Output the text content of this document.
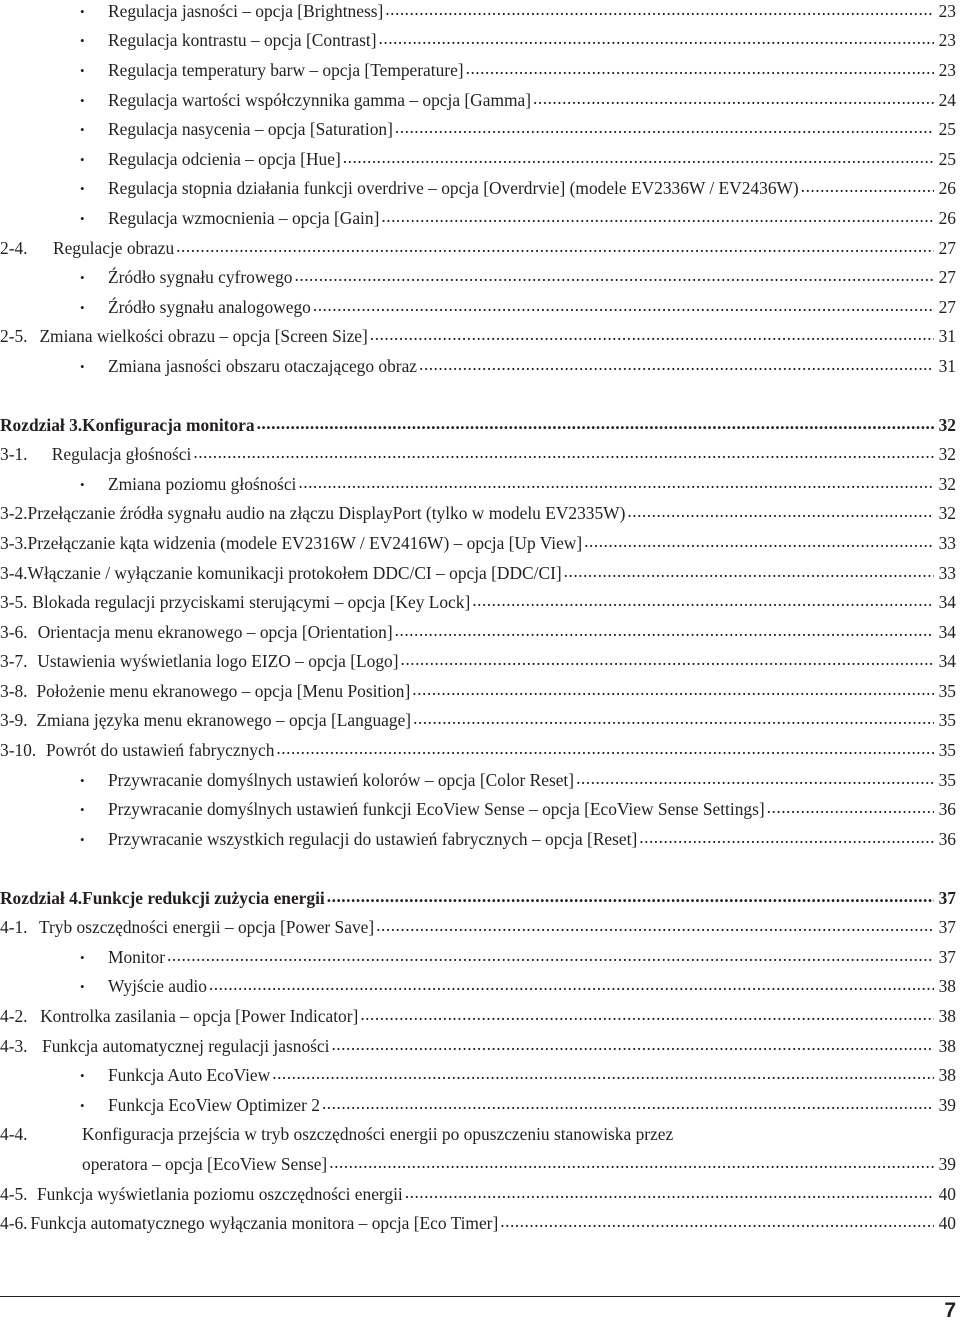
•	Regulacja jasności – opcja [Brightness] .....	23
•	Regulacja kontrastu – opcja [Contrast] .....	23
•	Regulacja temperatury barw – opcja [Temperature] .....	23
•	Regulacja wartości współczynnika gamma – opcja [Gamma] .....	24
•	Regulacja nasycenia – opcja [Saturation] .....	25
•	Regulacja odcienia – opcja [Hue] .....	25
•	Regulacja stopnia działania funkcji overdrive – opcja [Overdrvie] (modele EV2336W / EV2436W) .....	26
•	Regulacja wzmocnienia – opcja [Gain] .....	26
2-4.	Regulacje obrazu .....	27
•	Źródło sygnału cyfrowego .....	27
•	Źródło sygnału analogowego .....	27
2-5. Zmiana wielkości obrazu – opcja [Screen Size] .....	31
•	Zmiana jasności obszaru otaczającego obraz .....	31
Rozdział 3. Konfiguracja monitora .....	32
3-1.	Regulacja głośności .....	32
•	Zmiana poziomu głośności .....	32
3-2. Przełączanie źródła sygnału audio na złączu DisplayPort (tylko w modelu EV2335W) .....	32
3-3. Przełączanie kąta widzenia (modele EV2316W / EV2416W) – opcja [Up View] .....	33
3-4. Włączanie / wyłączanie komunikacji protokołem DDC/CI – opcja [DDC/CI] .....	33
3-5. Blokada regulacji przyciskami sterującymi – opcja [Key Lock] .....	34
3-6. Orientacja menu ekranowego – opcja [Orientation] .....	34
3-7. Ustawienia wyświetlania logo EIZO – opcja [Logo] .....	34
3-8. Położenie menu ekranowego – opcja [Menu Position] .....	35
3-9. Zmiana języka menu ekranowego – opcja [Language] .....	35
3-10. Powrót do ustawień fabrycznych .....	35
•	Przywracanie domyślnych ustawień kolorów – opcja [Color Reset] .....	35
•	Przywracanie domyślnych ustawień funkcji EcoView Sense – opcja [EcoView Sense Settings] .....	36
•	Przywracanie wszystkich regulacji do ustawień fabrycznych – opcja [Reset] .....	36
Rozdział 4. Funkcje redukcji zużycia energii .....	37
4-1. Tryb oszczędności energii – opcja [Power Save] .....	37
•	Monitor .....	37
•	Wyjście audio .....	38
4-2. Kontrolka zasilania – opcja [Power Indicator] .....	38
4-3. Funkcja automatycznej regulacji jasności .....	38
•	Funkcja Auto EcoView .....	38
•	Funkcja EcoView Optimizer 2 .....	39
4-4.	Konfiguracja przejścia w tryb oszczędności energii po opuszczeniu stanowiska przez
operatora – opcja [EcoView Sense] .....	39
4-5. Funkcja wyświetlania poziomu oszczędności energii .....	40
4-6. Funkcja automatycznego wyłączania monitora – opcja [Eco Timer] .....	40
7
